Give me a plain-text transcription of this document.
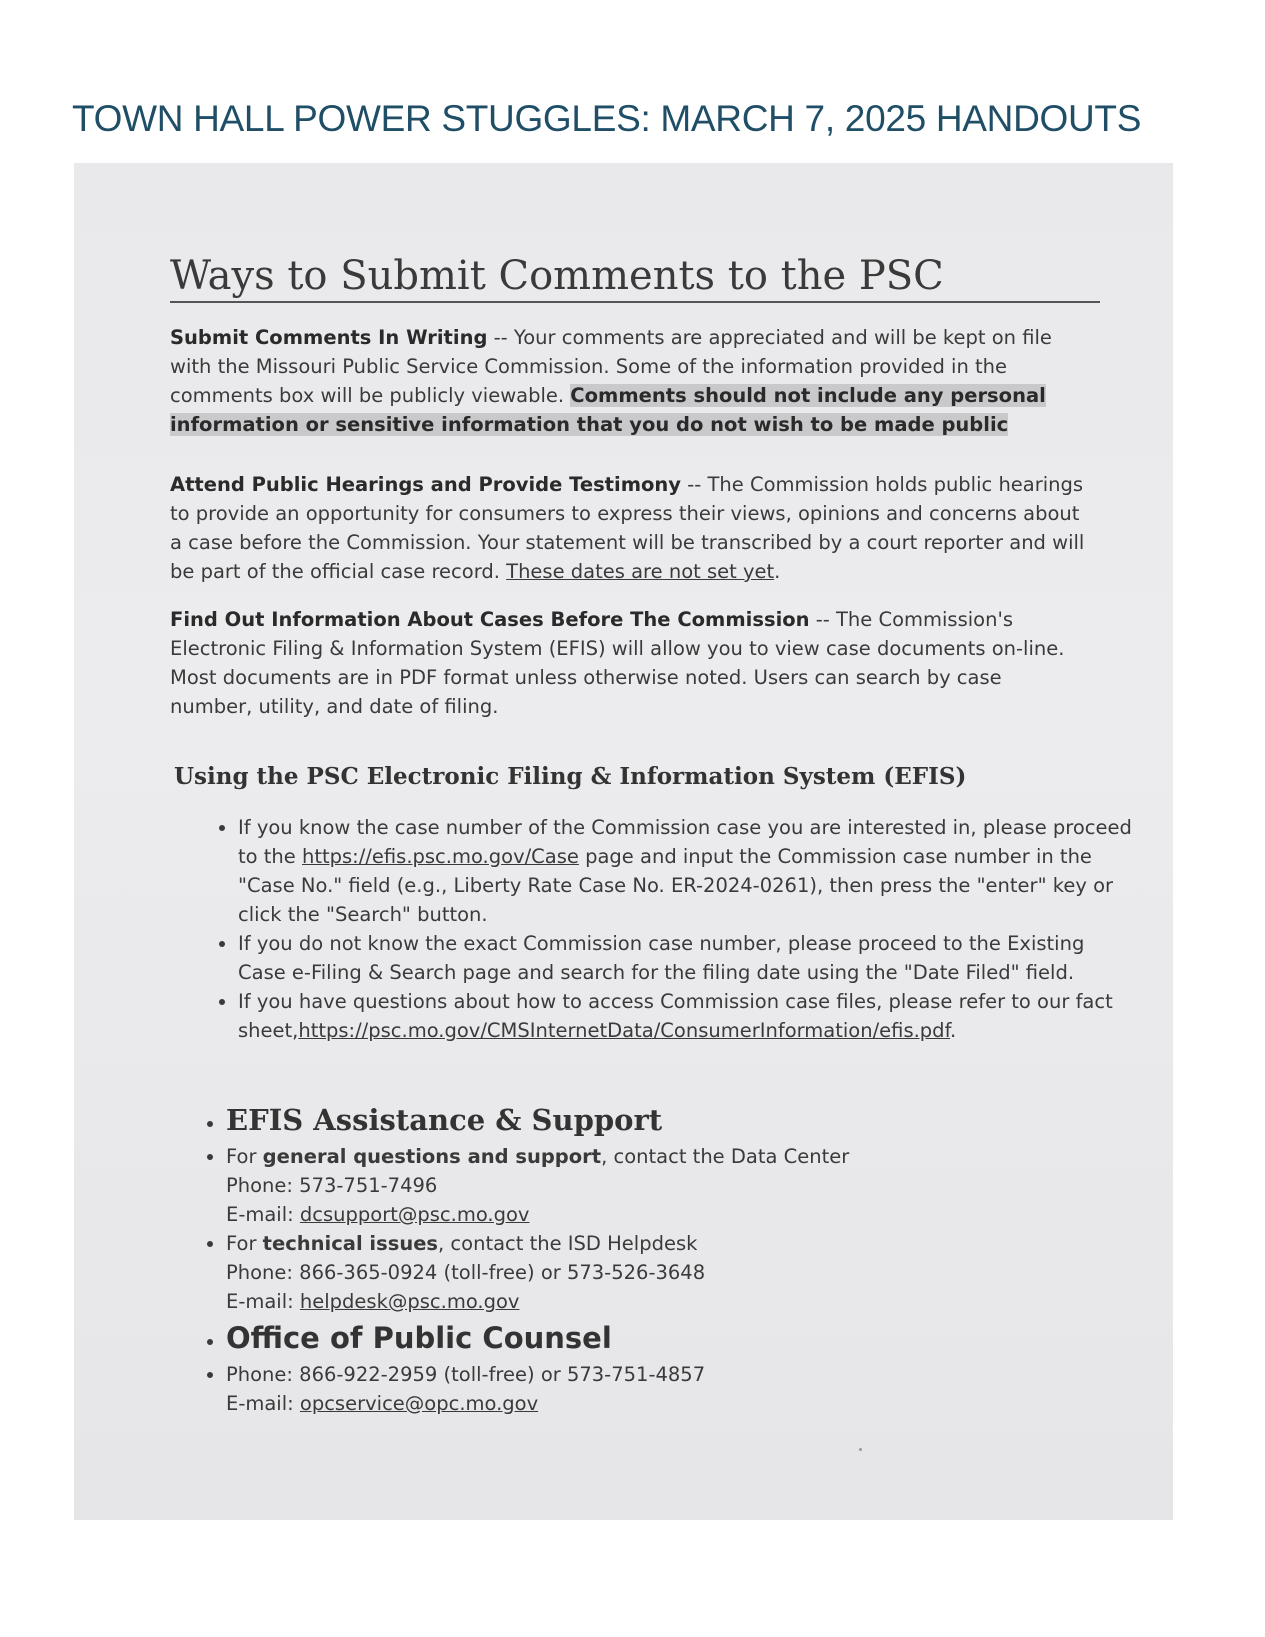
TOWN HALL POWER STUGGLES: MARCH 7, 2025 HANDOUTS
Ways to Submit Comments to the PSC
Submit Comments In Writing -- Your comments are appreciated and will be kept on file with the Missouri Public Service Commission. Some of the information provided in the comments box will be publicly viewable. Comments should not include any personal information or sensitive information that you do not wish to be made public
Attend Public Hearings and Provide Testimony -- The Commission holds public hearings to provide an opportunity for consumers to express their views, opinions and concerns about a case before the Commission. Your statement will be transcribed by a court reporter and will be part of the official case record. These dates are not set yet.
Find Out Information About Cases Before The Commission -- The Commission's Electronic Filing & Information System (EFIS) will allow you to view case documents on-line. Most documents are in PDF format unless otherwise noted. Users can search by case number, utility, and date of filing.
Using the PSC Electronic Filing & Information System (EFIS)
• If you know the case number of the Commission case you are interested in, please proceed to the https://efis.psc.mo.gov/Case page and input the Commission case number in the "Case No." field (e.g., Liberty Rate Case No. ER-2024-0261), then press the "enter" key or click the "Search" button.
• If you do not know the exact Commission case number, please proceed to the Existing Case e-Filing & Search page and search for the filing date using the "Date Filed" field.
• If you have questions about how to access Commission case files, please refer to our fact sheet,https://psc.mo.gov/CMSInternetData/ConsumerInformation/efis.pdf.
• EFIS Assistance & Support
• For general questions and support, contact the Data Center
Phone: 573-751-7496
E-mail: dcsupport@psc.mo.gov
• For technical issues, contact the ISD Helpdesk
Phone: 866-365-0924 (toll-free) or 573-526-3648
E-mail: helpdesk@psc.mo.gov
• Office of Public Counsel
• Phone: 866-922-2959 (toll-free) or 573-751-4857
E-mail: opcservice@opc.mo.gov
